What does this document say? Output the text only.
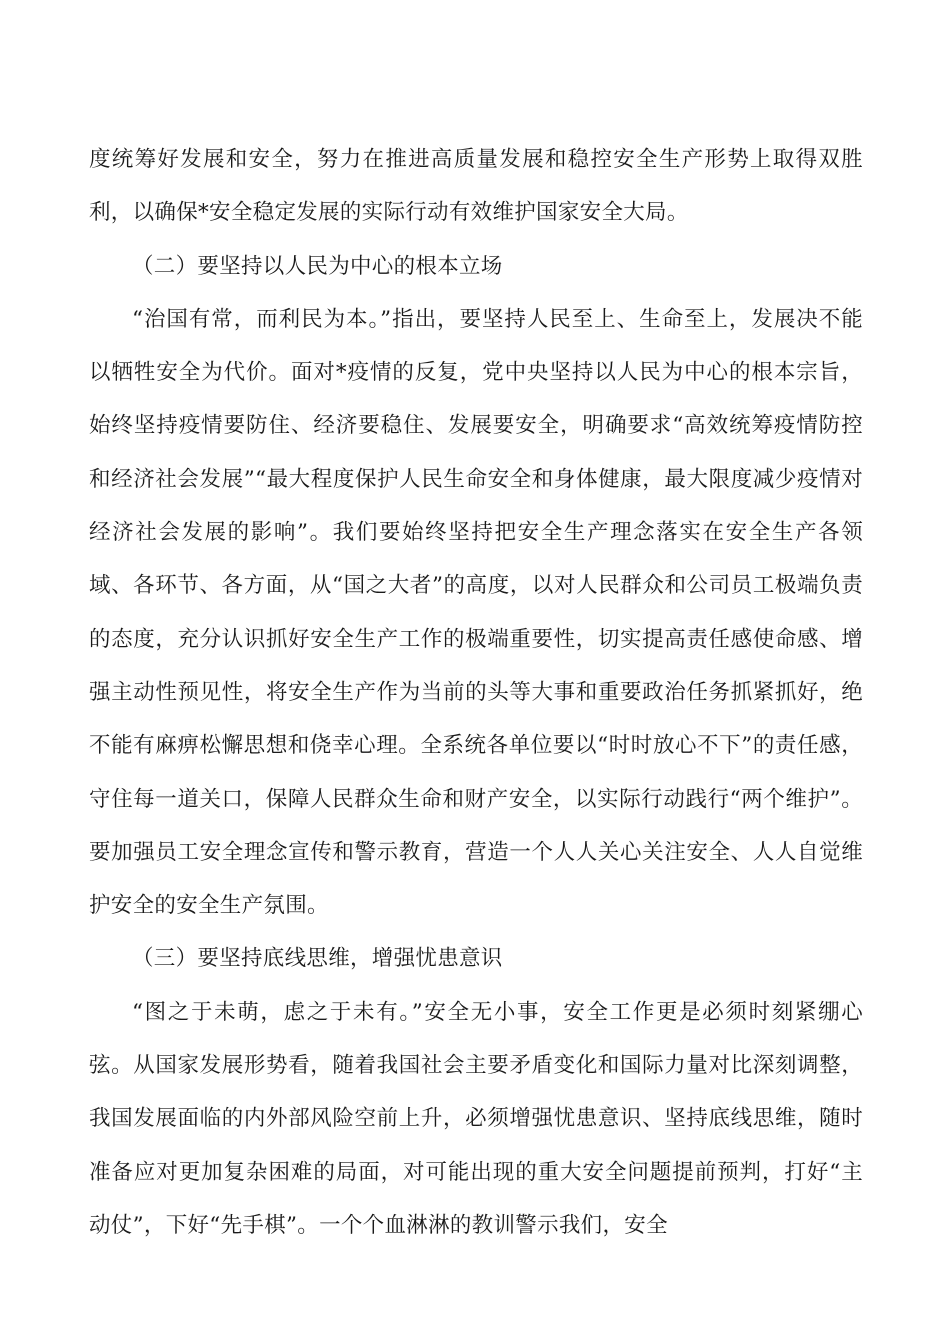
度统筹好发展和安全，努力在推进高质量发展和稳控安全生产形势上取得双胜利，以确保*安全稳定发展的实际行动有效维护国家安全大局。

（二）要坚持以人民为中心的根本立场

“治国有常，而利民为本。”指出，要坚持人民至上、生命至上，发展决不能以牺牲安全为代价。面对*疫情的反复，党中央坚持以人民为中心的根本宗旨，始终坚持疫情要防住、经济要稳住、发展要安全，明确要求“高效统筹疫情防控和经济社会发展”“最大程度保护人民生命安全和身体健康，最大限度减少疫情对经济社会发展的影响”。我们要始终坚持把安全生产理念落实在安全生产各领域、各环节、各方面，从“国之大者”的高度，以对人民群众和公司员工极端负责的态度，充分认识抓好安全生产工作的极端重要性，切实提高责任感使命感、增强主动性预见性，将安全生产作为当前的头等大事和重要政治任务抓紧抓好，绝不能有麻痹松懈思想和侥幸心理。全系统各单位要以“时时放心不下”的责任感，守住每一道关口，保障人民群众生命和财产安全，以实际行动践行“两个维护”。要加强员工安全理念宣传和警示教育，营造一个人人关心关注安全、人人自觉维护安全的安全生产氛围。

（三）要坚持底线思维，增强忧患意识

“图之于未萌，虑之于未有。”安全无小事，安全工作更是必须时刻紧绷心弦。从国家发展形势看，随着我国社会主要矛盾变化和国际力量对比深刻调整，我国发展面临的内外部风险空前上升，必须增强忧患意识、坚持底线思维，随时准备应对更加复杂困难的局面，对可能出现的重大安全问题提前预判，打好“主动仗”，下好“先手棋”。一个个血淋淋的教训警示我们，安全
